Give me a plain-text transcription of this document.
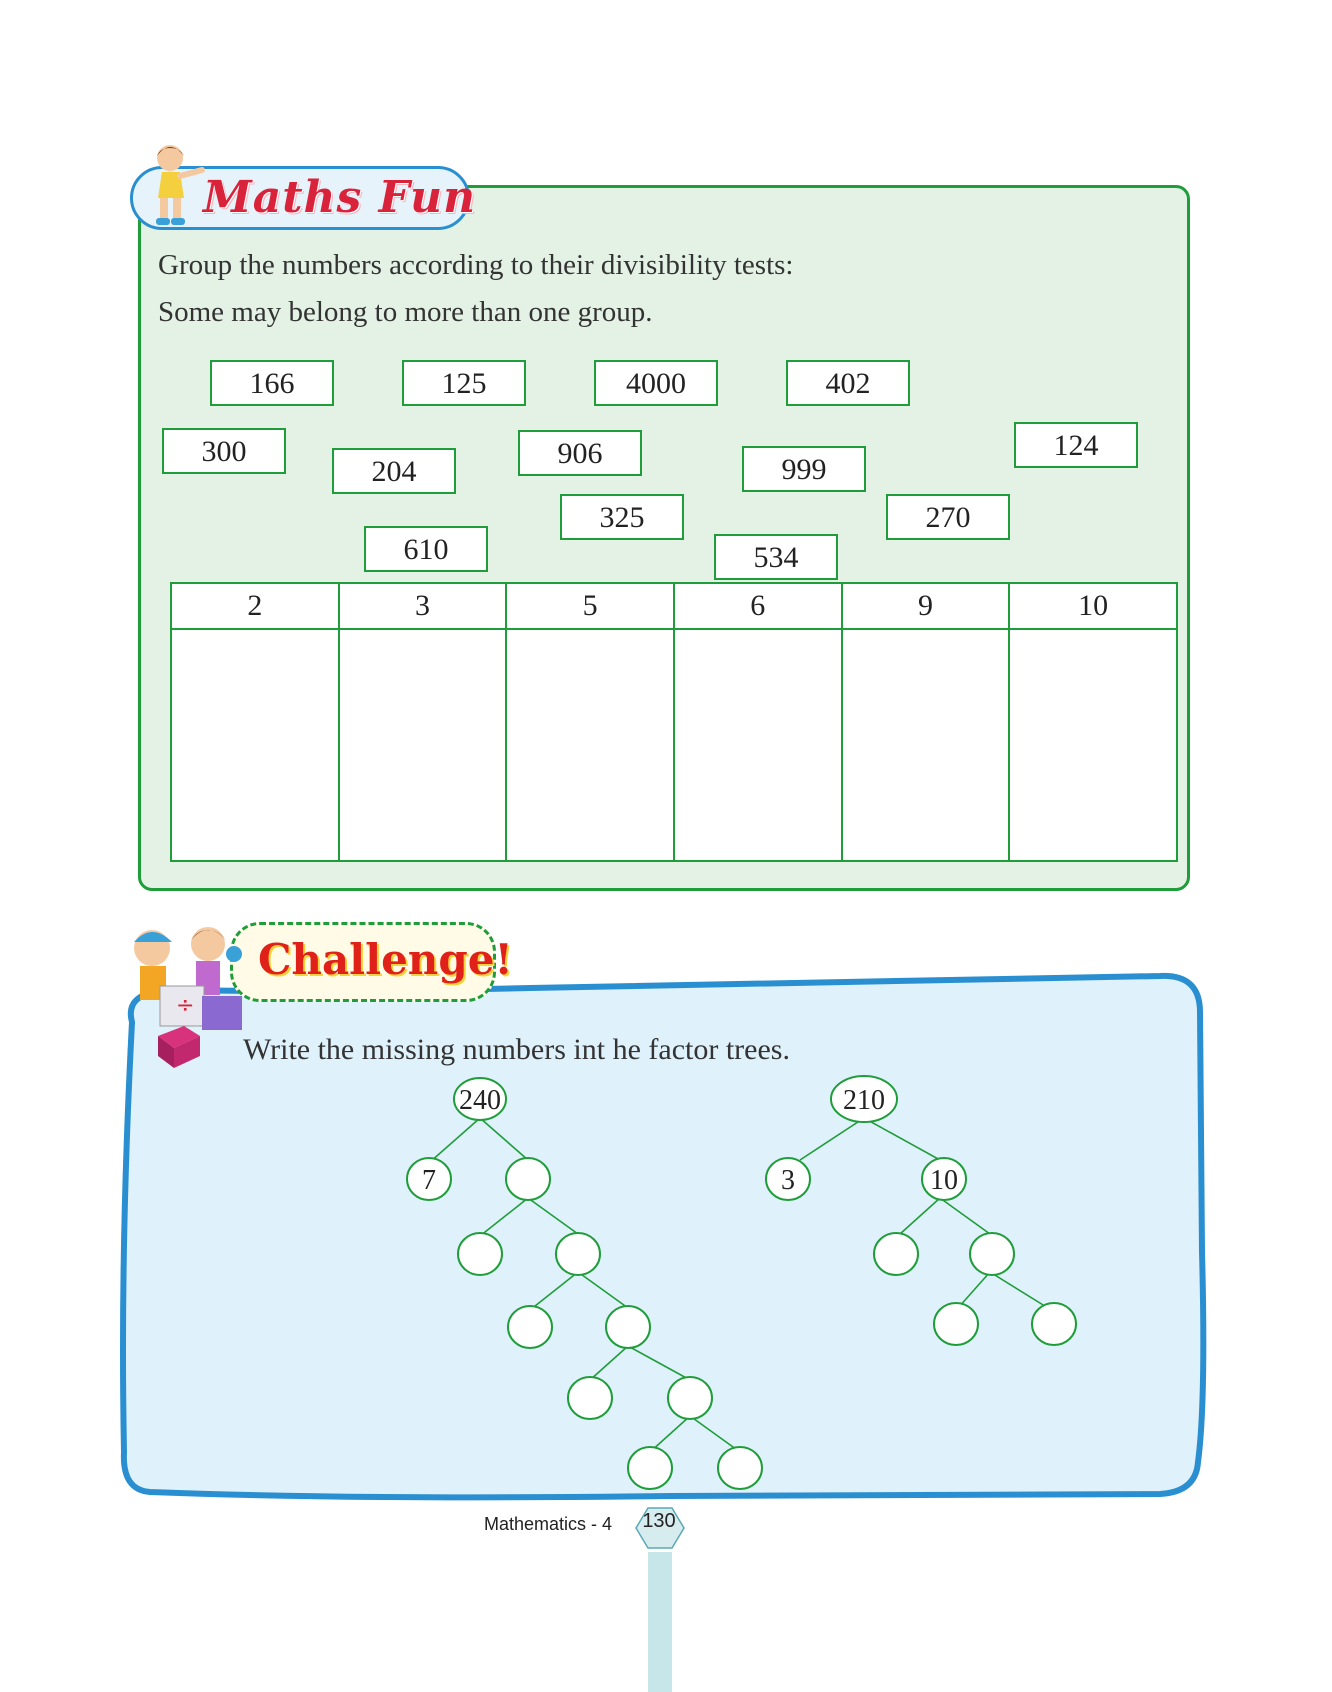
Maths Fun
Group the numbers according to their divisibility tests:
Some may belong to more than one group.
166	125	4000	402
300
204
906	999
124
325	270
610	534
2	3	5	6	9	10

Challenge!
÷
Write the missing numbers int he factor trees.
240
7
210
3	10
Mathematics - 4 130
